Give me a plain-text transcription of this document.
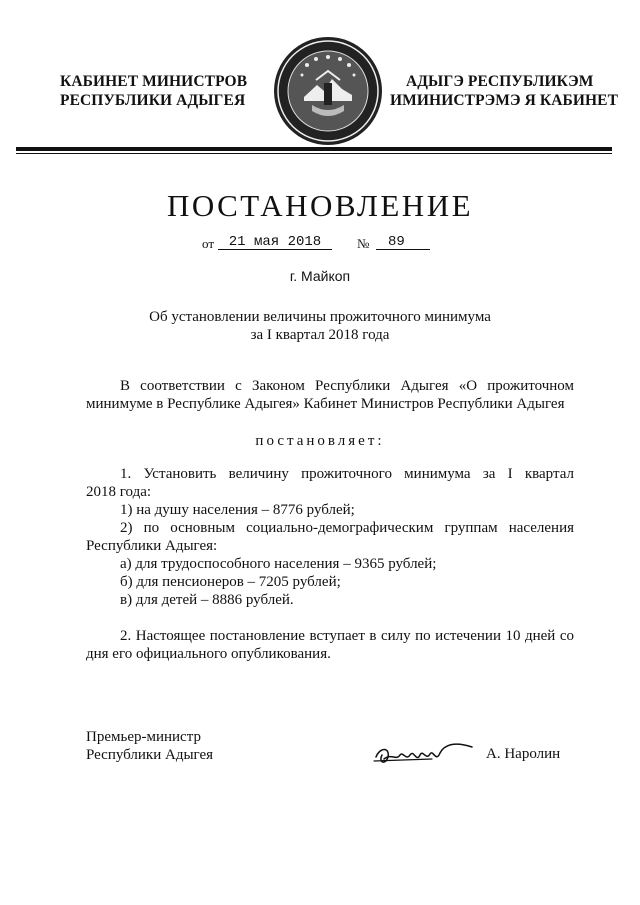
КАБИНЕТ МИНИСТРОВ
РЕСПУБЛИКИ АДЫГЕЯ
АДЫГЭ РЕСПУБЛИКЭМ
ИМИНИСТРЭМЭ Я КАБИНЕТ
ПОСТАНОВЛЕНИЕ
от	21 мая 2018	№	89
г. Майкоп
Об установлении величины прожиточного минимума
за I квартал 2018 года
В соответствии с Законом Республики Адыгея «О прожиточном
минимуме в Республике Адыгея» Кабинет Министров Республики Адыгея
постановляет:
1. Установить величину прожиточного минимума за I квартал
2018 года:
1) на душу населения – 8776 рублей;
2) по основным социально-демографическим группам населения
Республики Адыгея:
а) для трудоспособного населения – 9365 рублей;
б) для пенсионеров – 7205 рублей;
в) для детей – 8886 рублей.
2. Настоящее постановление вступает в силу по истечении 10 дней со
дня его официального опубликования.
Премьер-министр
Республики Адыгея	А. Наролин
